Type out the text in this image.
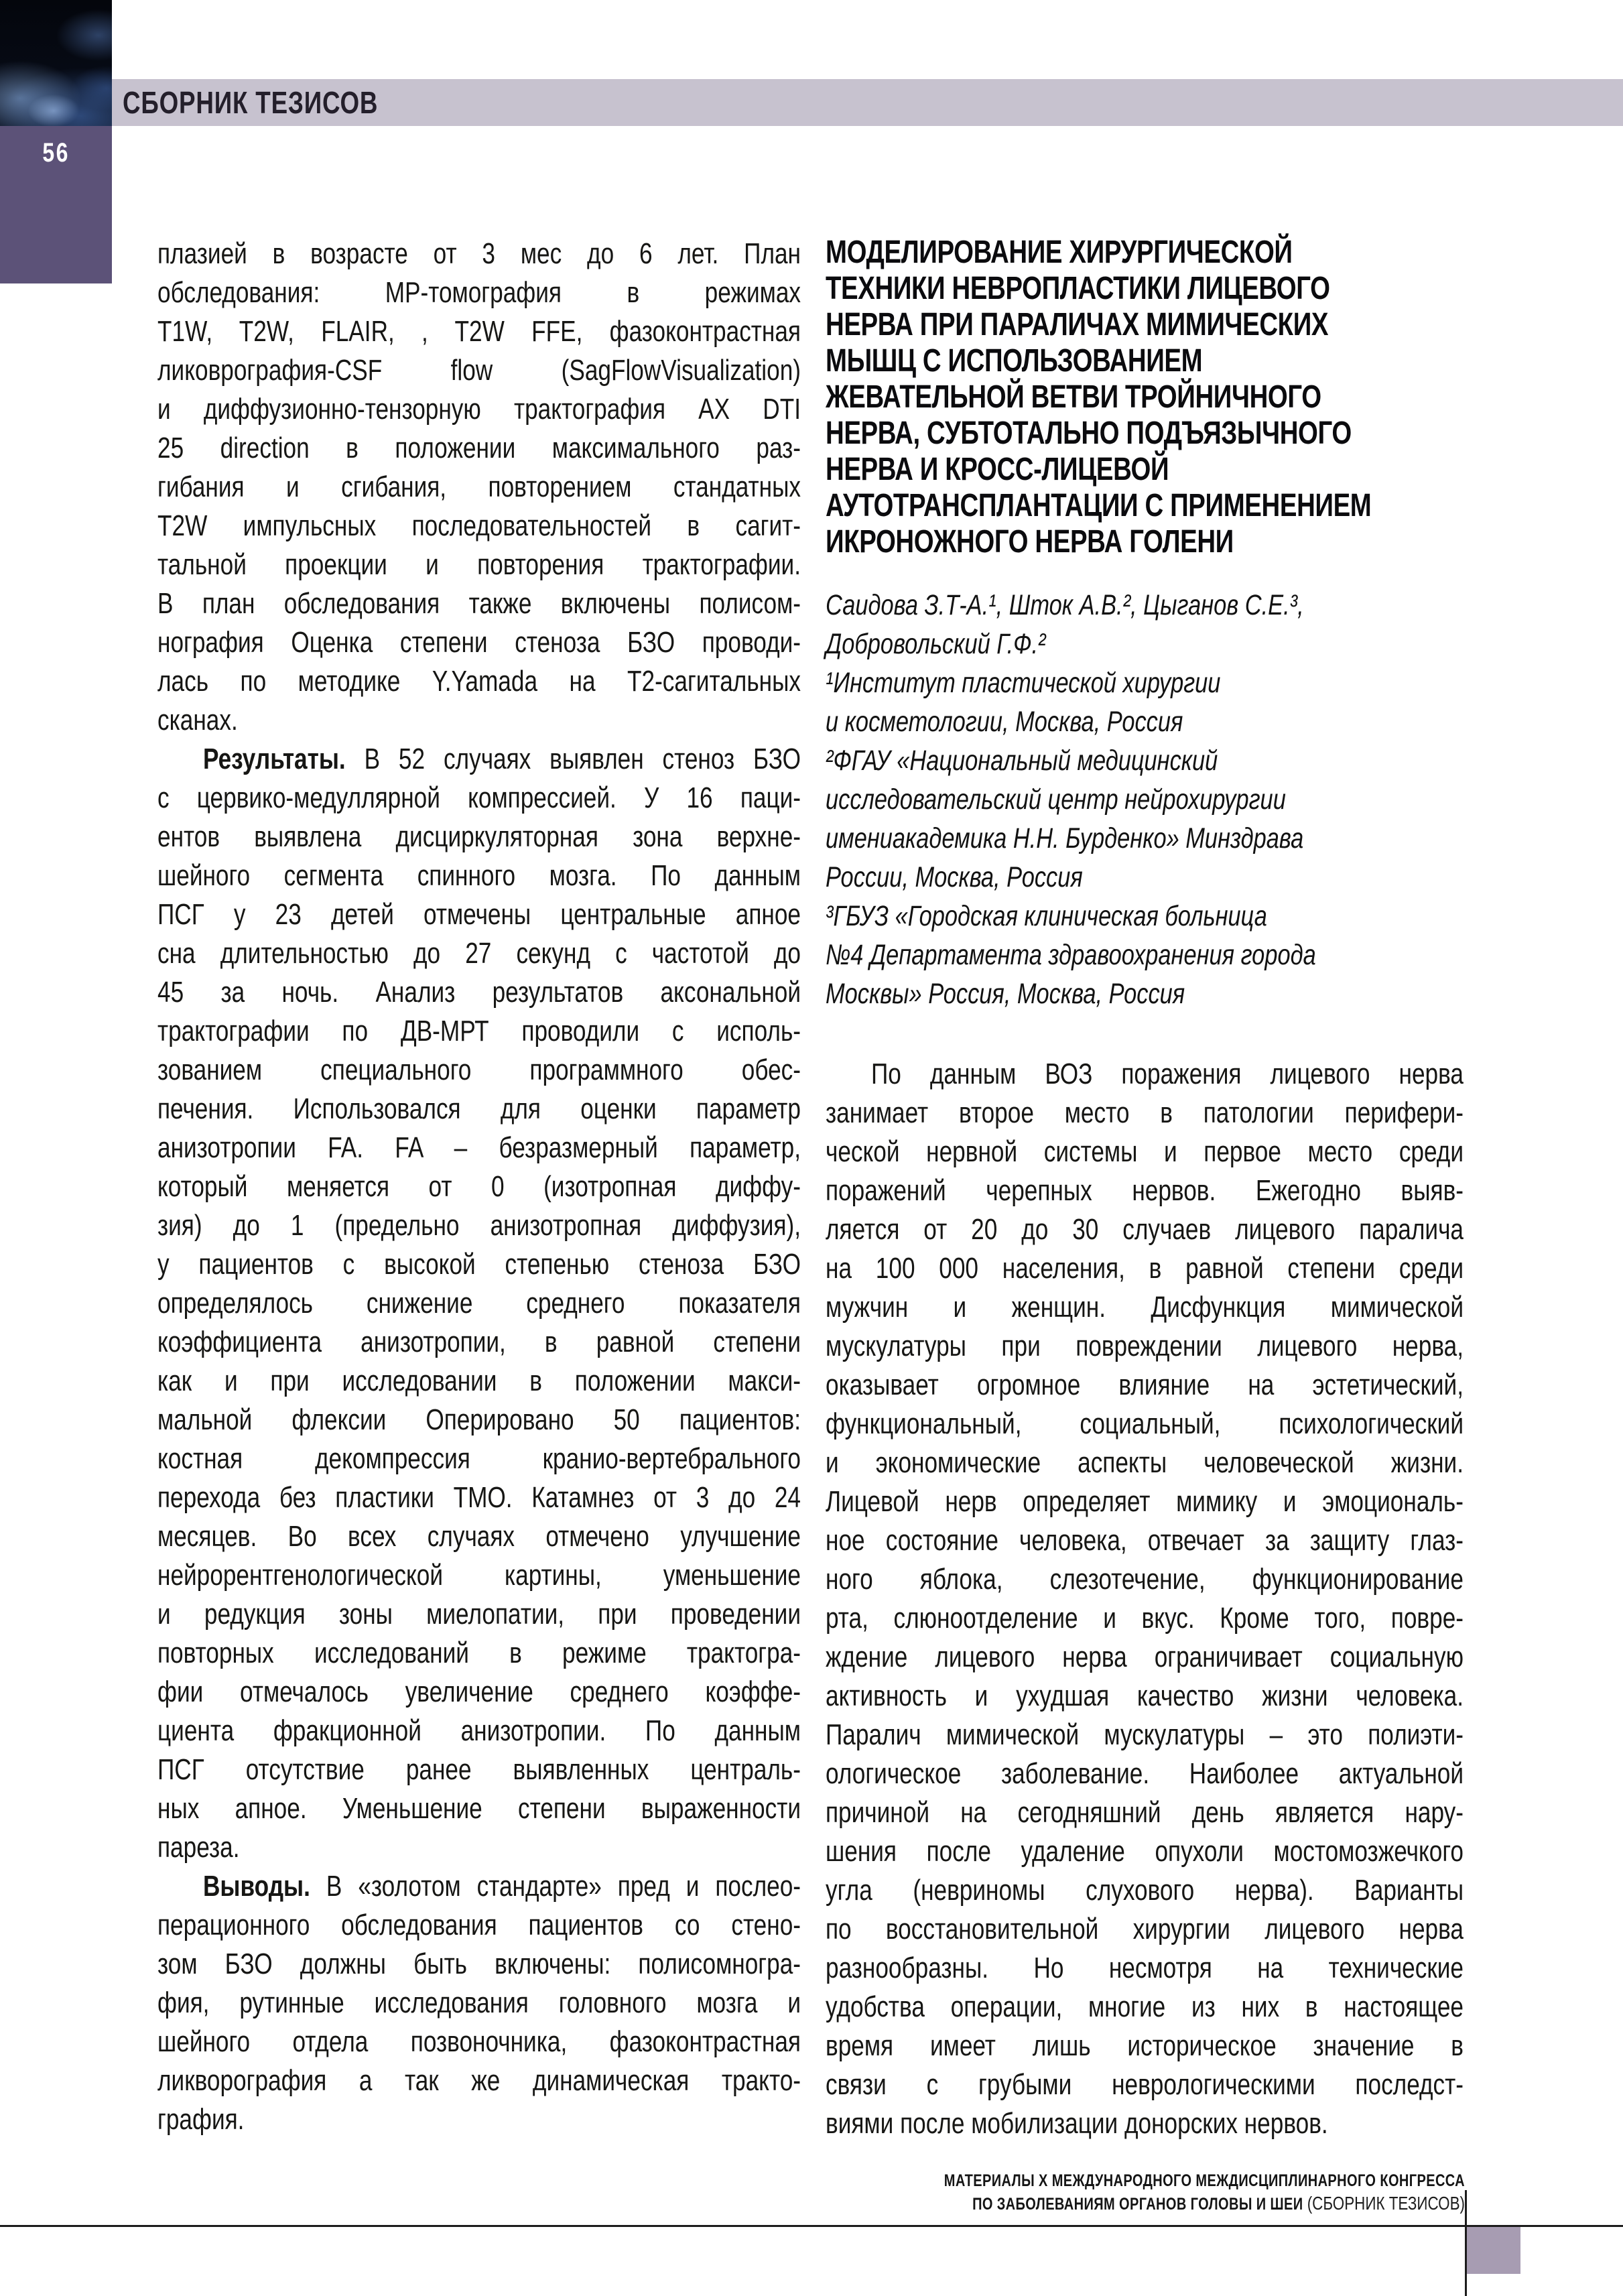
СБОРНИК ТЕЗИСОВ
56
плазией в возрасте от 3 мес до 6 лет. План
обследования: МР-томография в режимах
T1W, T2W, FLAIR, , T2W FFE, фазоконтрастная
ликоврография-CSF flow (SagFlowVisualization)
и диффузионно-тензорную трактография AX DTI
25 direction в положении максимального раз-
гибания и сгибания, повторением стандатных
T2W импульсных последовательностей в сагит-
тальной проекции и повторения трактографии.
В план обследования также включены полисом-
нография Оценка степени стеноза БЗО проводи-
лась по методике Y.Yamada на Т2-сагитальных
сканах.
Результаты. В 52 случаях выявлен стеноз БЗО
с цервико-медуллярной компрессией. У 16 паци-
ентов выявлена дисциркуляторная зона верхне-
шейного сегмента спинного мозга. По данным
ПСГ у 23 детей отмечены центральные апное
сна длительностью до 27 секунд с частотой до
45 за ночь. Анализ результатов аксональной
трактографии по ДВ-МРТ проводили с исполь-
зованием специального программного обес-
печения. Использовался для оценки параметр
анизотропии FA. FA – безразмерный параметр,
который меняется от 0 (изотропная диффу-
зия) до 1 (предельно анизотропная диффузия),
у пациентов с высокой степенью стеноза БЗО
определялось снижение среднего показателя
коэффициента анизотропии, в равной степени
как и при исследовании в положении макси-
мальной флексии Оперировано 50 пациентов:
костная декомпрессия кранио-вертебрального
перехода без пластики ТМО. Катамнез от 3 до 24
месяцев. Во всех случаях отмечено улучшение
нейрорентгенологической картины, уменьшение
и редукция зоны миелопатии, при проведении
повторных исследований в режиме трактогра-
фии отмечалось увеличение среднего коэффе-
циента фракционной анизотропии. По данным
ПСГ отсутствие ранее выявленных централь-
ных апное. Уменьшение степени выраженности
пареза.
Выводы. В «золотом стандарте» пред и послео-
перационного обследования пациентов со стено-
зом БЗО должны быть включены: полисомногра-
фия, рутинные исследования головного мозга и
шейного отдела позвоночника, фазоконтрастная
ликворография а так же динамическая тракто-
графия.
МОДЕЛИРОВАНИЕ ХИРУРГИЧЕСКОЙ
ТЕХНИКИ НЕВРОПЛАСТИКИ ЛИЦЕВОГО
НЕРВА ПРИ ПАРАЛИЧАХ МИМИЧЕСКИХ
МЫШЦ С ИСПОЛЬЗОВАНИЕМ
ЖЕВАТЕЛЬНОЙ ВЕТВИ ТРОЙНИЧНОГО
НЕРВА, СУБТОТАЛЬНО ПОДЪЯЗЫЧНОГО
НЕРВА И КРОСС-ЛИЦЕВОЙ
АУТОТРАНСПЛАНТАЦИИ С ПРИМЕНЕНИЕМ
ИКРОНОЖНОГО НЕРВА ГОЛЕНИ
Саидова З.Т-А.¹, Шток А.В.², Цыганов С.Е.³,
Добровольский Г.Ф.²
¹Институт пластической хирургии
и косметологии, Москва, Россия
²ФГАУ «Национальный медицинский
исследовательский центр нейрохирургии
имениакадемика Н.Н. Бурденко» Минздрава
России, Москва, Россия
³ГБУЗ «Городская клиническая больница
№4 Департамента здравоохранения города
Москвы» Россия, Москва, Россия
По данным ВОЗ поражения лицевого нерва
занимает второе место в патологии перифери-
ческой нервной системы и первое место среди
поражений черепных нервов. Ежегодно выяв-
ляется от 20 до 30 случаев лицевого паралича
на 100 000 населения, в равной степени среди
мужчин и женщин. Дисфункция мимической
мускулатуры при повреждении лицевого нерва,
оказывает огромное влияние на эстетический,
функциональный, социальный, психологический
и экономические аспекты человеческой жизни.
Лицевой нерв определяет мимику и эмоциональ-
ное состояние человека, отвечает за защиту глаз-
ного яблока, слезотечение, функционирование
рта, слюноотделение и вкус. Кроме того, повре-
ждение лицевого нерва ограничивает социальную
активность и ухудшая качество жизни человека.
Паралич мимической мускулатуры – это полиэти-
ологическое заболевание. Наиболее актуальной
причиной на сегодняшний день является нару-
шения после удаление опухоли мостомозжечкого
угла (невриномы слухового нерва). Варианты
по восстановительной хирургии лицевого нерва
разнообразны. Но несмотря на технические
удобства операции, многие из них в настоящее
время имеет лишь историческое значение в
связи с грубыми неврологическими последст-
виями после мобилизации донорских нервов.
МАТЕРИАЛЫ X МЕЖДУНАРОДНОГО МЕЖДИСЦИПЛИНАРНОГО КОНГРЕССА
ПО ЗАБОЛЕВАНИЯМ ОРГАНОВ ГОЛОВЫ И ШЕИ (СБОРНИК ТЕЗИСОВ)
